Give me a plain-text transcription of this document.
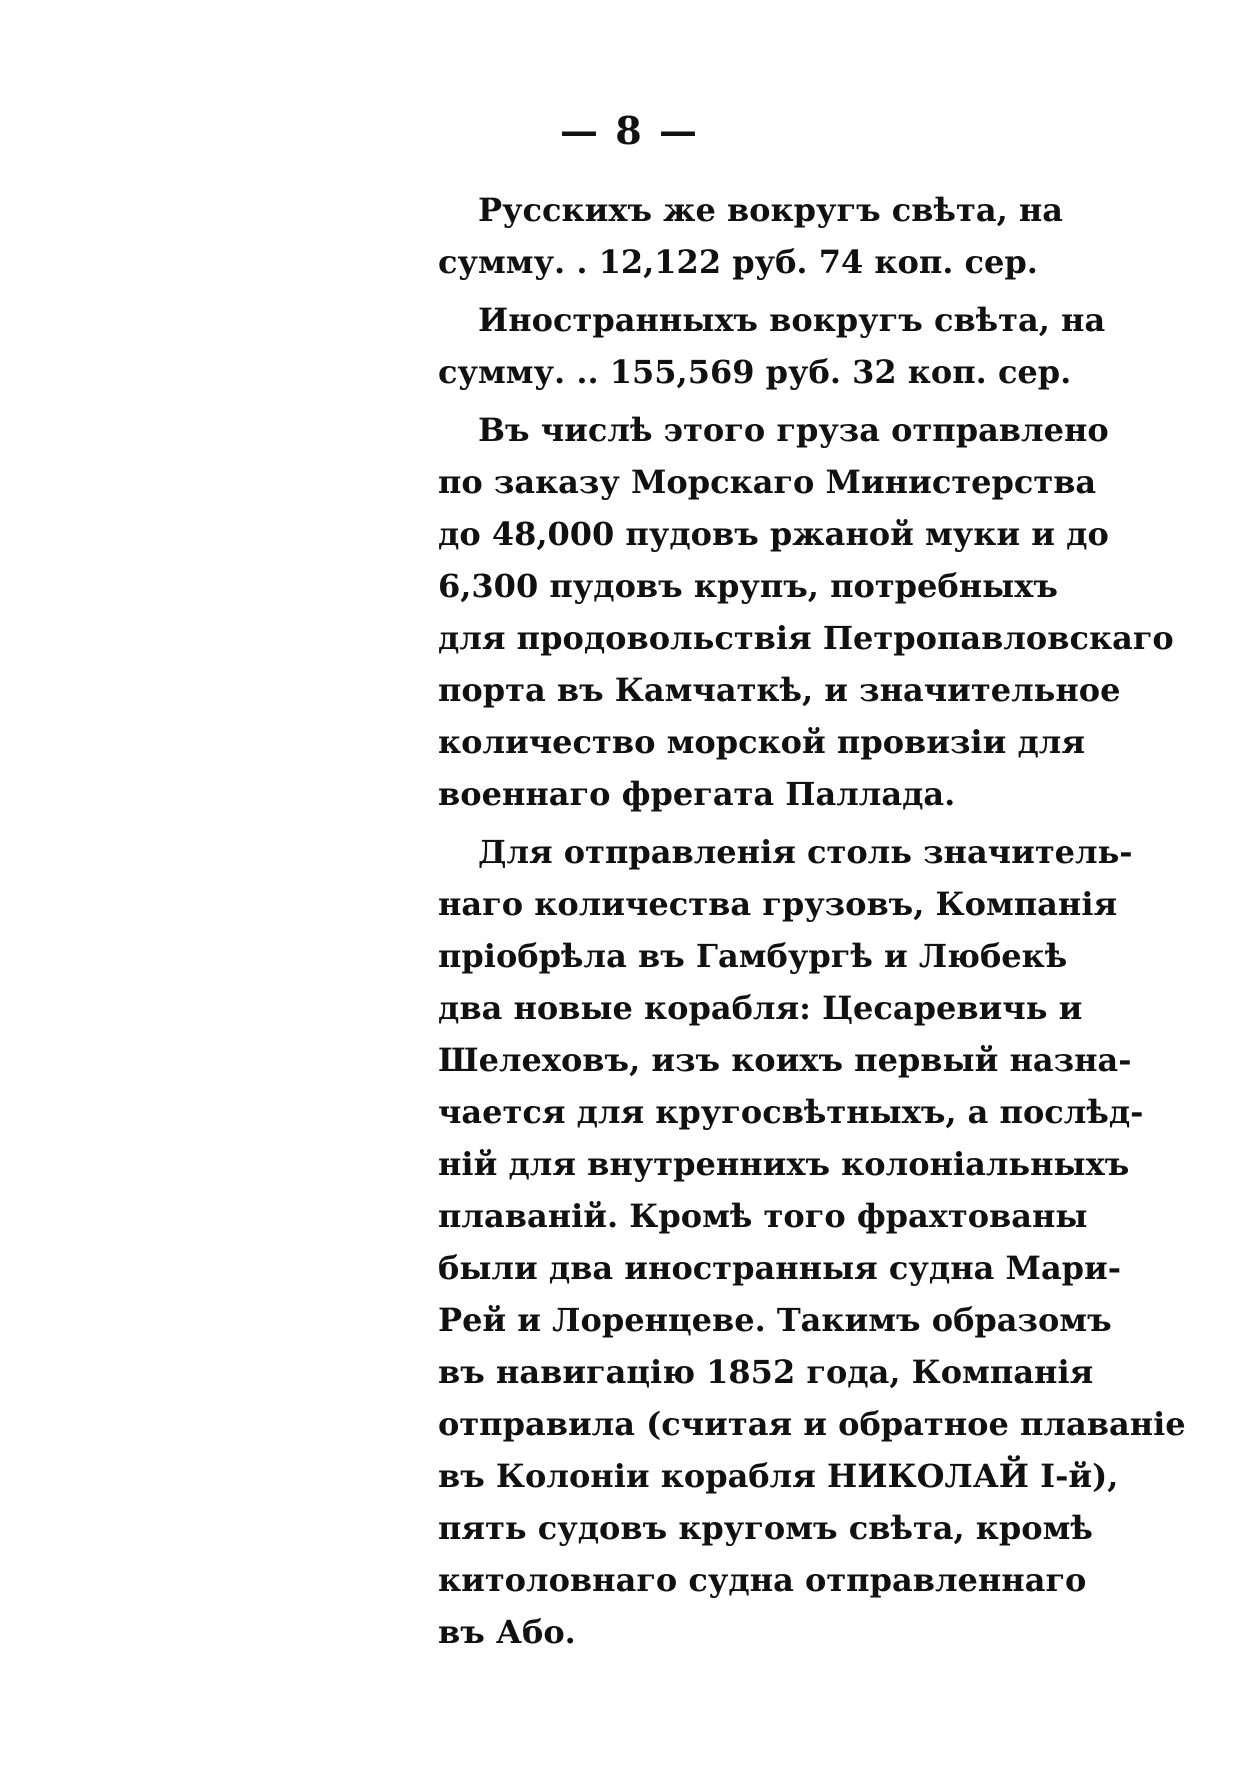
— 8 —
Русскихъ же вокругъ свѣта, на
сумму. . 12,122 руб. 74 коп. сер.
Иностранныхъ вокругъ свѣта, на
сумму. .. 155,569 руб. 32 коп. сер.
Въ числѣ этого груза отправлено
по заказу Морскаго Министерства
до 48,000 пудовъ ржаной муки и до
6,300 пудовъ крупъ, потребныхъ
для продовольствія Петропавловскаго
порта въ Камчаткѣ, и значительное
количество морской провизіи для
военнаго фрегата Паллада.
Для отправленія столь значитель-
наго количества грузовъ, Компанія
пріобрѣла въ Гамбургѣ и Любекѣ
два новые корабля: Цесаревичь и
Шелеховъ, изъ коихъ первый назна-
чается для кругосвѣтныхъ, а послѣд-
ній для внутреннихъ колоніальныхъ
плаваній. Кромѣ того фрахтованы
были два иностранныя судна Мари-
Рей и Лоренцеве. Такимъ образомъ
въ навигацію 1852 года, Компанія
отправила (считая и обратное плаваніе
въ Колоніи корабля НИКОЛАЙ I-й),
пять судовъ кругомъ свѣта, кромѣ
китоловнаго судна отправленнаго
въ Або.
